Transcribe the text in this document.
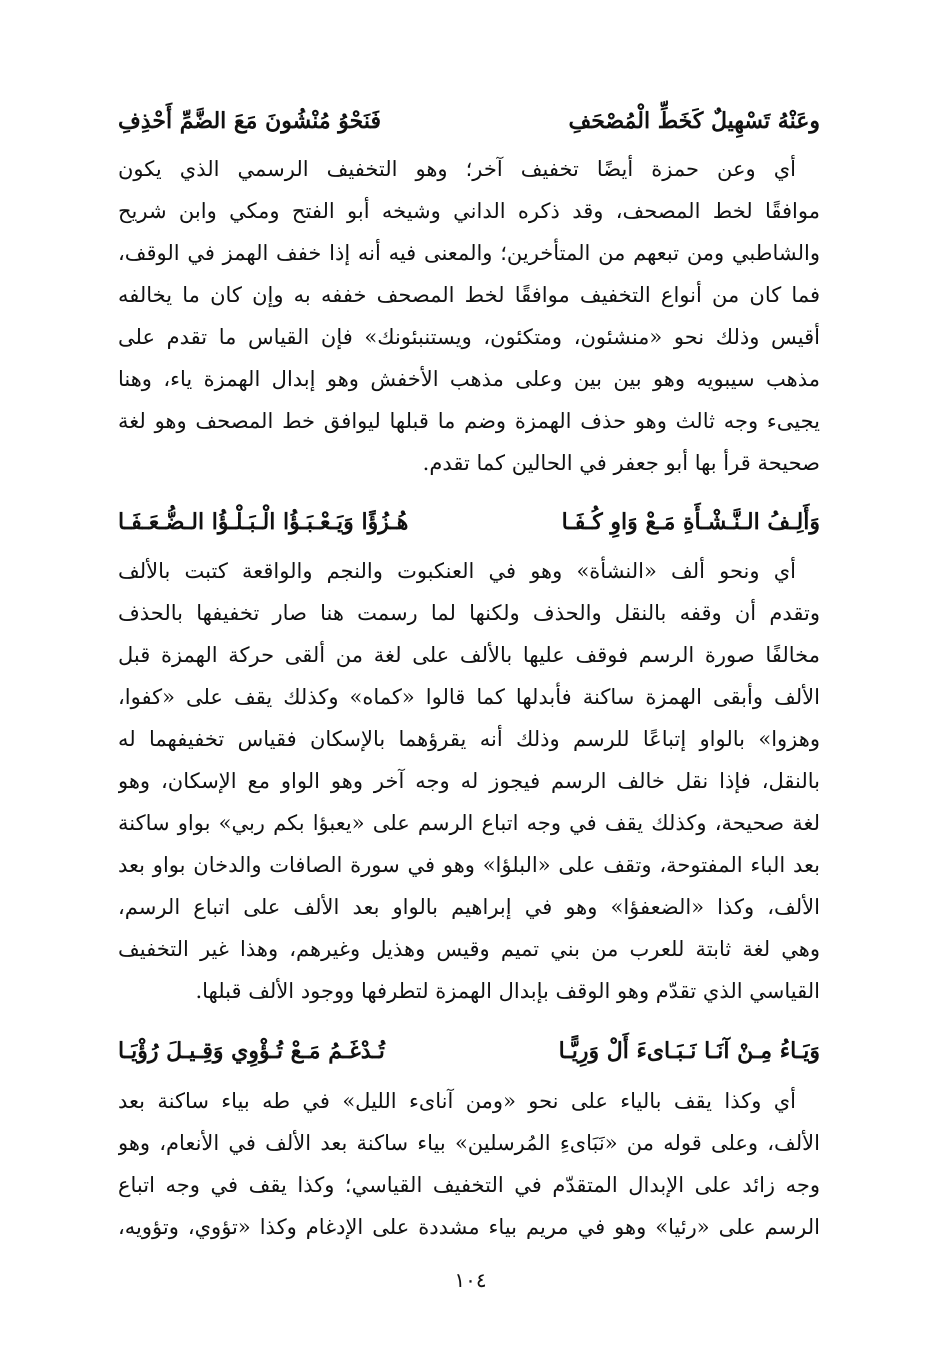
وعَنْهُ تَسْهِيلٌ كَخَطِّ الْمُصْحَفِ
فَنَحْوُ مُنْشُونَ مَعَ الضَّمِّ أَحْذِفِ
أي وعن حمزة أيضًا تخفيف آخر؛ وهو التخفيف الرسمي الذي يكون
موافقًا لخط المصحف، وقد ذكره الداني وشيخه أبو الفتح ومكي وابن شريح
والشاطبي ومن تبعهم من المتأخرين؛ والمعنى فيه أنه إذا خفف الهمز في الوقف،
فما كان من أنواع التخفيف موافقًا لخط المصحف خففه به وإن كان ما يخالفه
أقيس وذلك نحو «منشئون، ومتكئون، ويستنبئونك» فإن القياس ما تقدم على
مذهب سيبويه وهو بين بين وعلى مذهب الأخفش وهو إبدال الهمزة ياء، وهنا
يجيىء وجه ثالث وهو حذف الهمزة وضم ما قبلها ليوافق خط المصحف وهو لغة
صحيحة قرأ بها أبو جعفر في الحالين كما تقدم.
وَأَلِـفُ الـنَّـشْـأَةِ مَـعْ وَاوِ كُـفَـا
هُـزُؤًا وَيَـعْـبَـؤُا الْـبَـلْـؤُا الـضُّـعَـفَـا
أي ونحو ألف «النشأة» وهو في العنكبوت والنجم والواقعة كتبت بالألف
وتقدم أن وقفه بالنقل والحذف ولكنها لما رسمت هنا صار تخفيفها بالحذف
مخالفًا صورة الرسم فوقف عليها بالألف على لغة من ألقى حركة الهمزة قبل
الألف وأبقى الهمزة ساكنة فأبدلها كما قالوا «كماه» وكذلك يقف على «كفوا،
وهزوا» بالواو إتباعًا للرسم وذلك أنه يقرؤهما بالإسكان فقياس تخفيفهما له
بالنقل، فإذا نقل خالف الرسم فيجوز له وجه آخر وهو الواو مع الإسكان، وهو
لغة صحيحة، وكذلك يقف في وجه اتباع الرسم على «يعبؤا بكم ربي» بواو ساكنة
بعد الباء المفتوحة، وتقف على «البلؤا» وهو في سورة الصافات والدخان بواو بعد
الألف، وكذا «الضعفؤا» وهو في إبراهيم بالواو بعد الألف على اتباع الرسم،
وهي لغة ثابتة للعرب من بني تميم وقيس وهذيل وغيرهم، وهذا غير التخفيف
القياسي الذي تقدّم وهو الوقف بإبدال الهمزة لتطرفها ووجود الألف قبلها.
وَيَـاءُ مِـنْ آنَـا نَـبَـاىءَ أَلْ وَرِيًّـا
تُـدْغَـمُ مَـعْ تُـؤْوِي وَقِـيـلَ رُؤْيَـا
أي وكذا يقف بالياء على نحو «ومن آناىء الليل» في طه بياء ساكنة بعد
الألف، وعلى قوله من «نَبَاىءِ المُرسلين» بياء ساكنة بعد الألف في الأنعام، وهو
وجه زائد على الإبدال المتقدّم في التخفيف القياسي؛ وكذا يقف في وجه اتباع
الرسم على «رئيا» وهو في مريم بياء مشددة على الإدغام وكذا «تؤوي، وتؤويه،
١٠٤
